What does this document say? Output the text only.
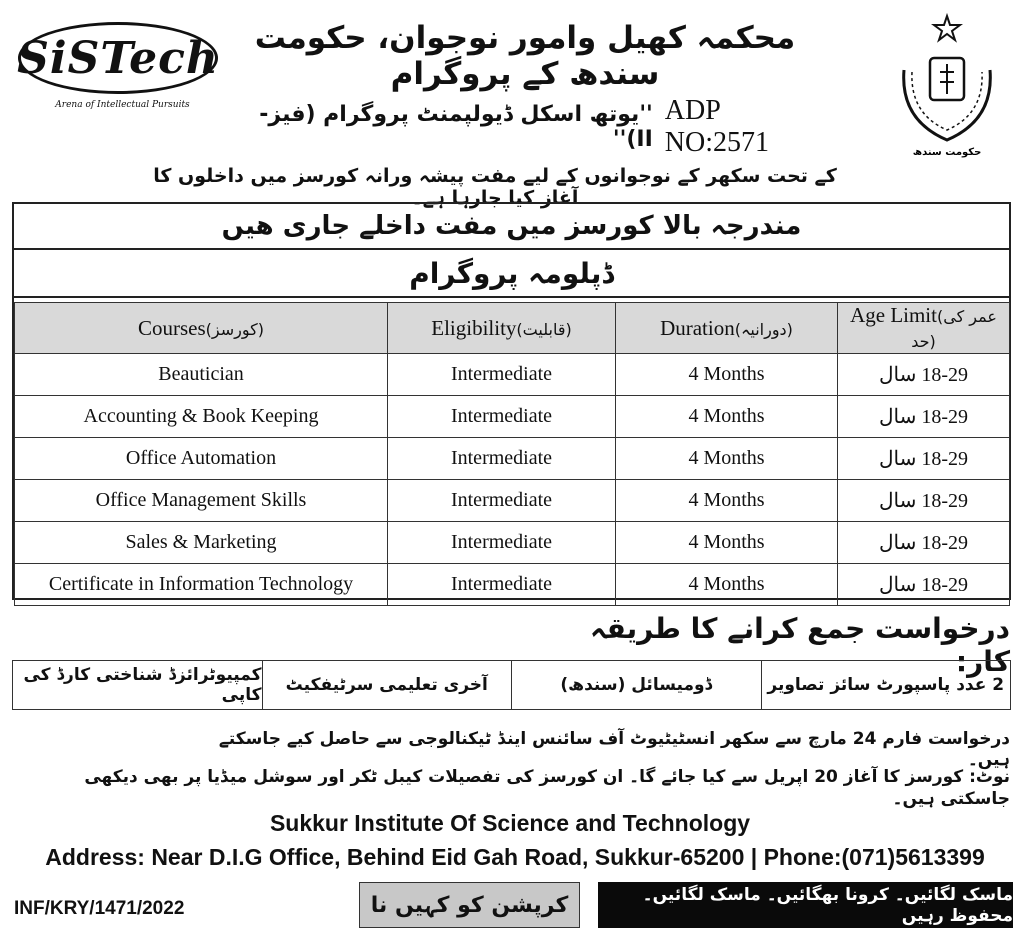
SiSTech
Arena of Intellectual Pursuits
محکمہ کھیل وامور نوجوان، حکومت سندھ کے پروگرام
''یوتھ اسکل ڈیولپمنٹ پروگرام (فیز-II)''
ADP NO:2571	حکومت سندھ
کے تحت سکھر کے نوجوانوں کے لیے مفت پیشہ ورانہ کورسز میں داخلوں کا آغاز کیا جارہا ہے۔
مندرجہ بالا کورسز میں مفت داخلے جاری ھیں
ڈپلومہ پروگرام
Courses(کورسز)	Eligibility(قابلیت)	Duration(دورانیہ)	Age Limit(عمر کی حد)
Beautician	Intermediate	4 Months	18-29 سال
Accounting & Book Keeping	Intermediate	4 Months	18-29 سال
Office Automation	Intermediate	4 Months	18-29 سال
Office Management Skills	Intermediate	4 Months	18-29 سال
Sales & Marketing	Intermediate	4 Months	18-29 سال
Certificate in Information Technology	Intermediate	4 Months	18-29 سال
درخواست جمع کرانے کا طریقہ کار:
2 عدد پاسپورٹ سائز تصاویر
ڈومیسائل (سندھ)
آخری تعلیمی سرٹیفکیٹ
کمپیوٹرائزڈ شناختی کارڈ کی کاپی
درخواست فارم 24 مارچ سے سکھر انسٹیٹیوٹ آف سائنس اینڈ ٹیکنالوجی سے حاصل کیے جاسکتے ہیں۔
نوٹ: کورسز کا آغاز 20 اپریل سے کیا جائے گا۔ ان کورسز کی تفصیلات کیبل ٹکر اور سوشل میڈیا پر بھی دیکھی جاسکتی ہیں۔
Sukkur Institute Of Science and Technology
Address: Near D.I.G Office, Behind Eid Gah Road, Sukkur-65200 | Phone:(071)5613399
INF/KRY/1471/2022	کرپشن کو کہیں نا	ماسک لگائیں۔ کرونا بھگائیں۔ ماسک لگائیں۔ محفوظ رہیں
